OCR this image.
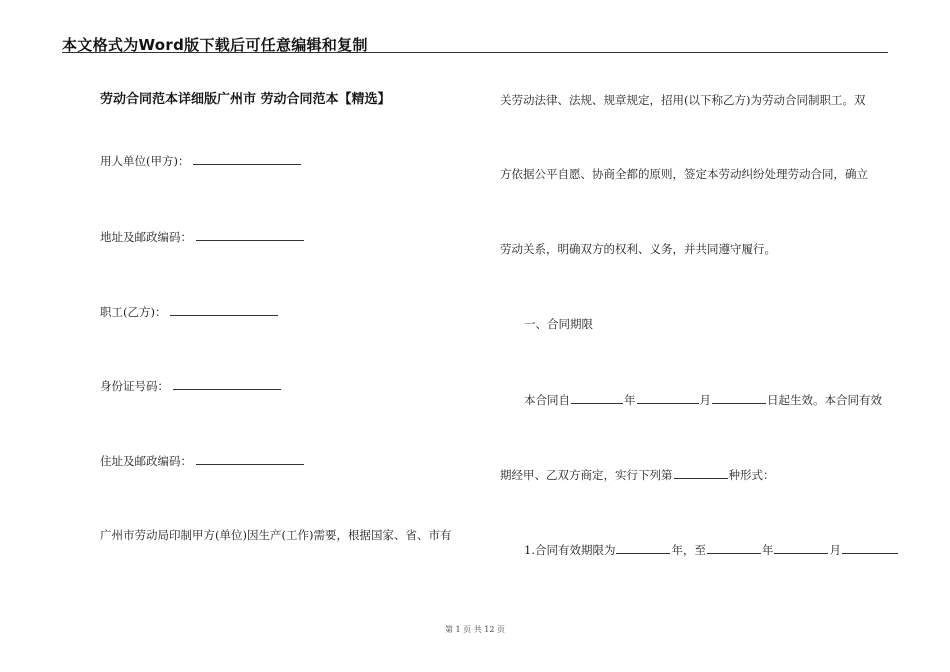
本文格式为Word版下载后可任意编辑和复制
劳动合同范本详细版广州市 劳动合同范本【精选】
用人单位(甲方)：
地址及邮政编码：
职工(乙方)：
身份证号码：
住址及邮政编码：
广州市劳动局印制甲方(单位)因生产(工作)需要，根据国家、省、市有
关劳动法律、法规、规章规定，招用(以下称乙方)为劳动合同制职工。双
方依据公平自愿、协商全都的原则，签定本劳动纠纷处理劳动合同，确立
劳动关系，明确双方的权利、义务，并共同遵守履行。
一、合同期限
本合同自	年	月	日起生效。本合同有效
期经甲、乙双方商定，实行下列第	种形式：
1.合同有效期限为	年，至	年	月
第 1 页 共 12 页
